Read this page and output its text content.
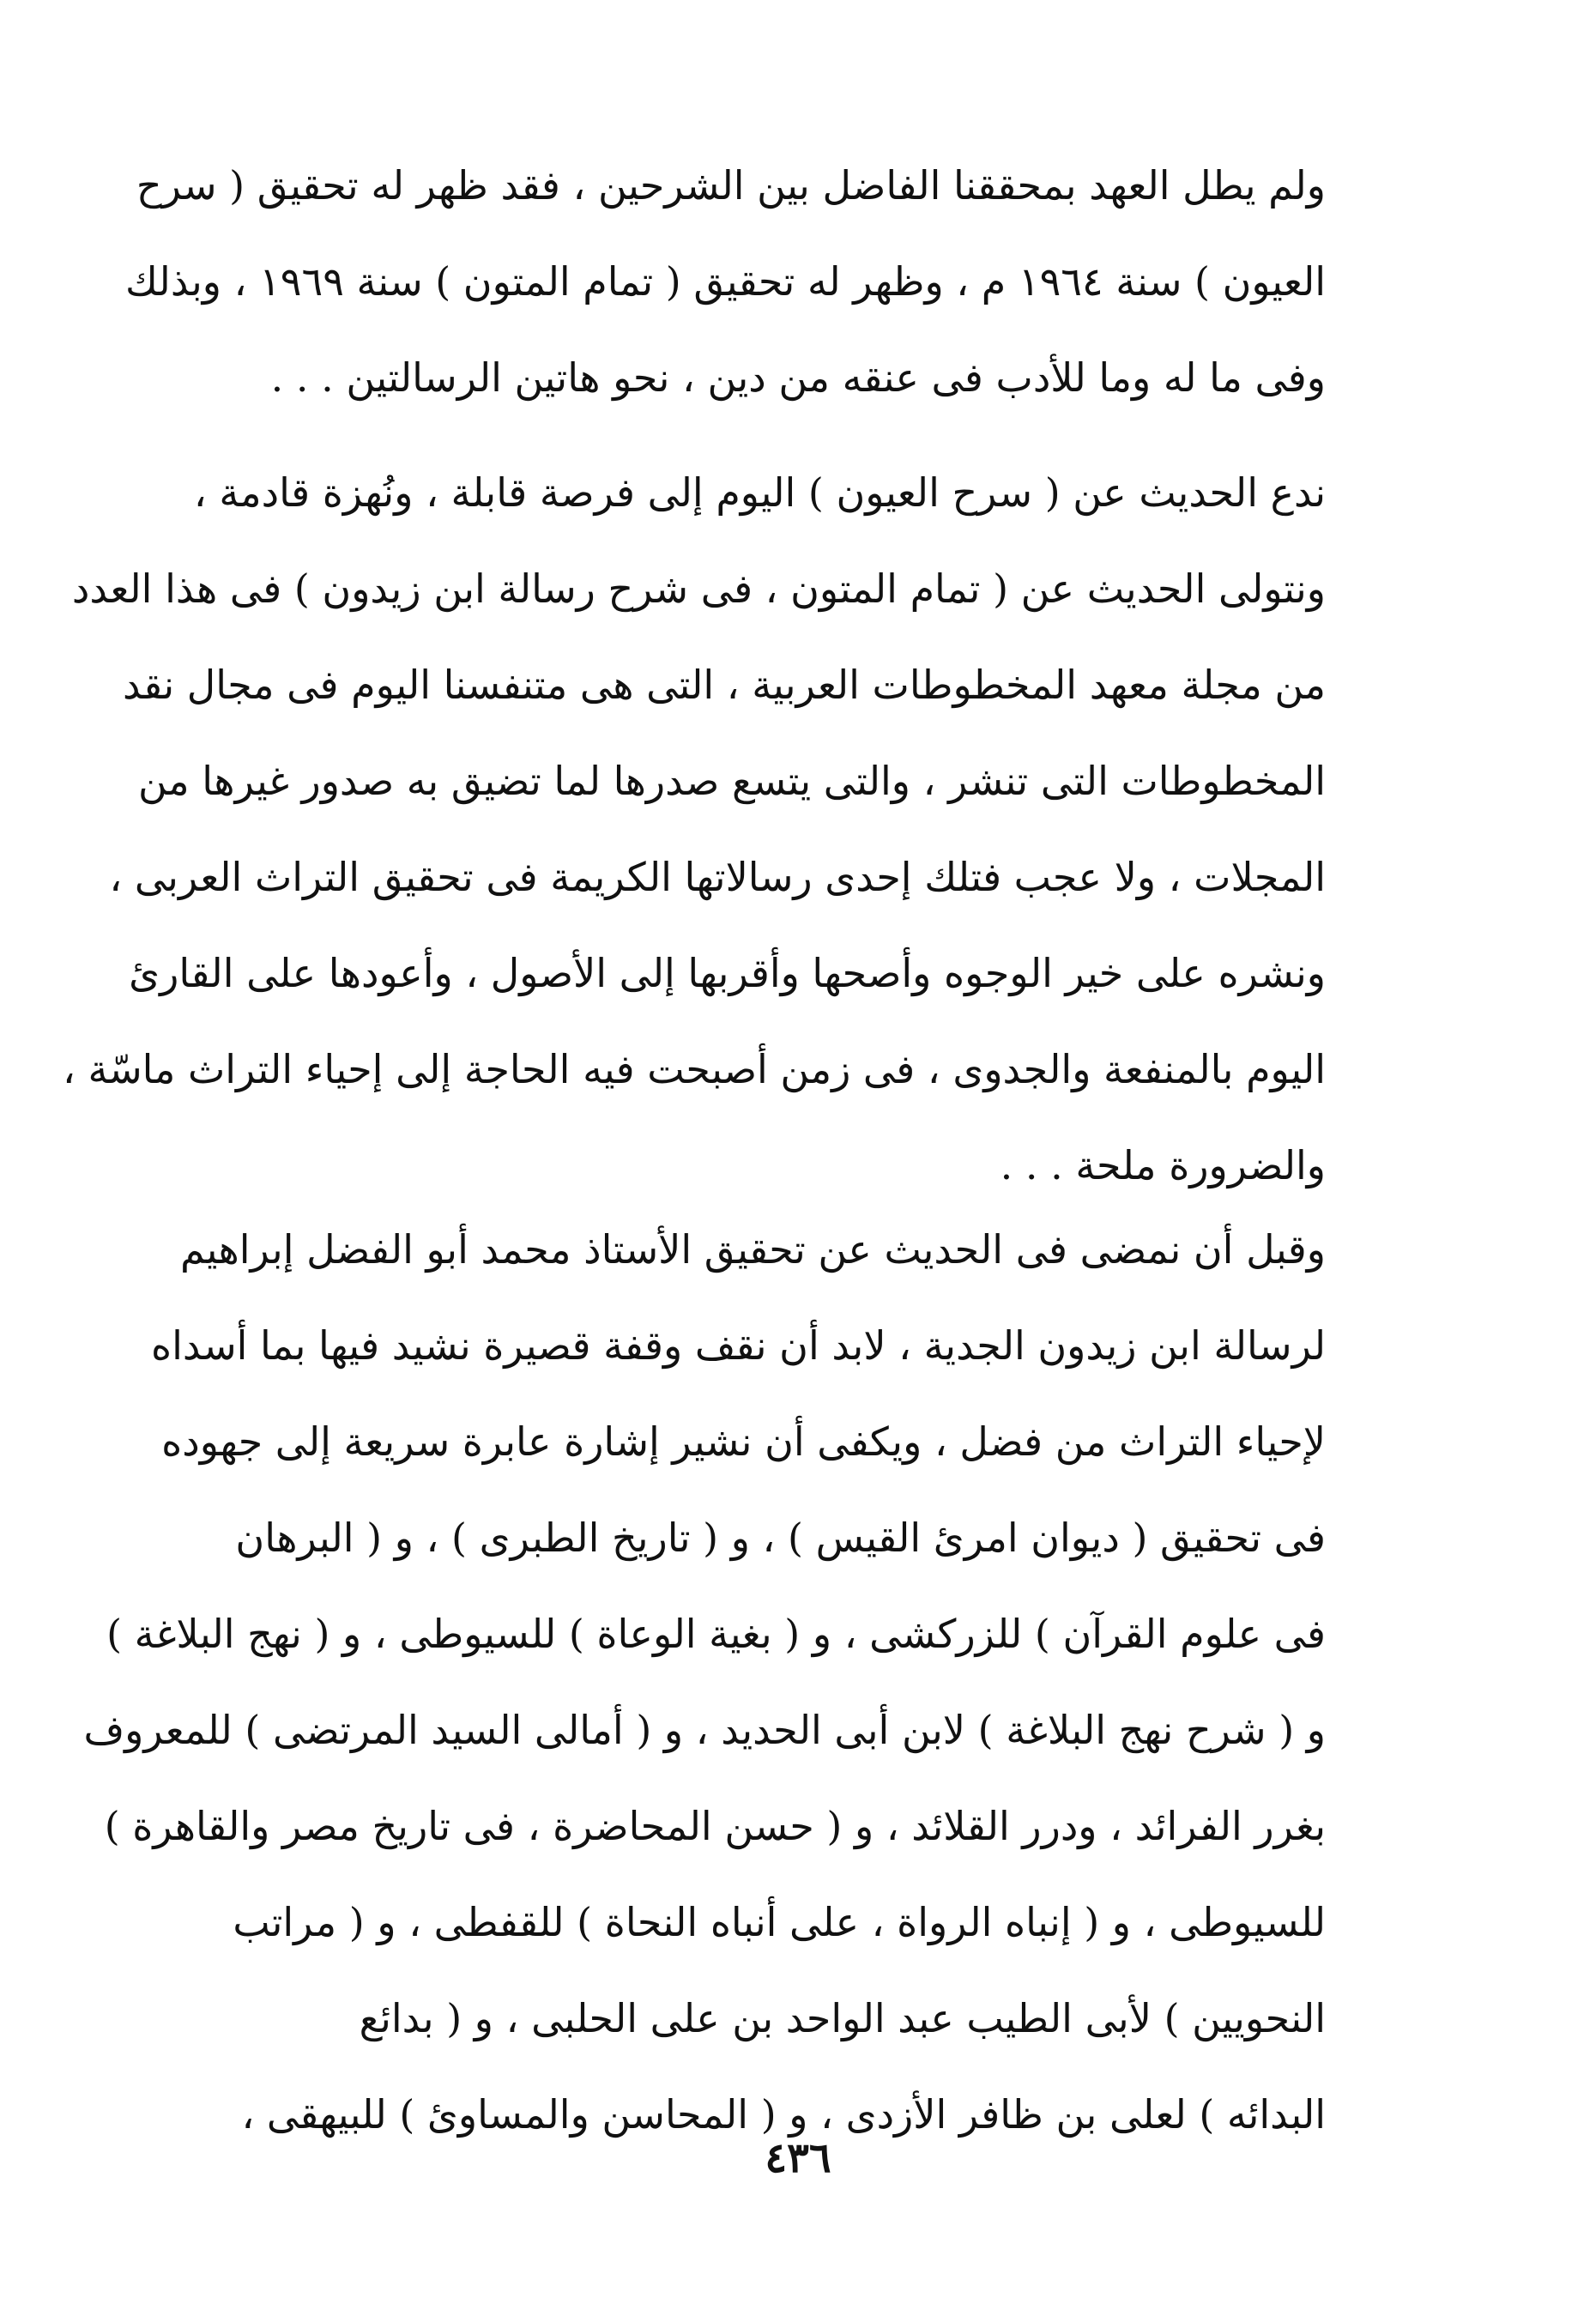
ولم يطل العهد بمحققنا الفاضل بين الشرحين ، فقد ظهر له تحقيق ( سرح
العيون ) سنة ١٩٦٤ م ، وظهر له تحقيق ( تمام المتون ) سنة ١٩٦٩ ، وبذلك
وفى ما له وما للأدب فى عنقه من دين ، نحو هاتين الرسالتين . . .
ندع الحديث عن ( سرح العيون ) اليوم إلى فرصة قابلة ، ونُهزة قادمة ،
ونتولى الحديث عن ( تمام المتون ، فى شرح رسالة ابن زيدون ) فى هذا العدد
من مجلة معهد المخطوطات العربية ، التى هى متنفسنا اليوم فى مجال نقد
المخطوطات التى تنشر ، والتى يتسع صدرها لما تضيق به صدور غيرها من
المجلات ، ولا عجب فتلك إحدى رسالاتها الكريمة فى تحقيق التراث العربى ،
ونشره على خير الوجوه وأصحها وأقربها إلى الأصول ، وأعودها على القارئ
اليوم بالمنفعة والجدوى ، فى زمن أصبحت فيه الحاجة إلى إحياء التراث ماسّة ،
والضرورة ملحة . . .
وقبل أن نمضى فى الحديث عن تحقيق الأستاذ محمد أبو الفضل إبراهيم
لرسالة ابن زيدون الجدية ، لابد أن نقف وقفة قصيرة نشيد فيها بما أسداه
لإحياء التراث من فضل ، ويكفى أن نشير إشارة عابرة سريعة إلى جهوده
فى تحقيق ( ديوان امرئ القيس ) ، و ( تاريخ الطبرى ) ، و ( البرهان
فى علوم القرآن ) للزركشى ، و ( بغية الوعاة ) للسيوطى ، و ( نهج البلاغة )
و ( شرح نهج البلاغة ) لابن أبى الحديد ، و ( أمالى السيد المرتضى ) للمعروف
بغرر الفرائد ، ودرر القلائد ، و ( حسن المحاضرة ، فى تاريخ مصر والقاهرة )
للسيوطى ، و ( إنباه الرواة ، على أنباه النحاة ) للقفطى ، و ( مراتب
النحويين ) لأبى الطيب عبد الواحد بن على الحلبى ، و ( بدائع
البدائه ) لعلى بن ظافر الأزدى ، و ( المحاسن والمساوئ ) للبيهقى ،
٤٣٦
